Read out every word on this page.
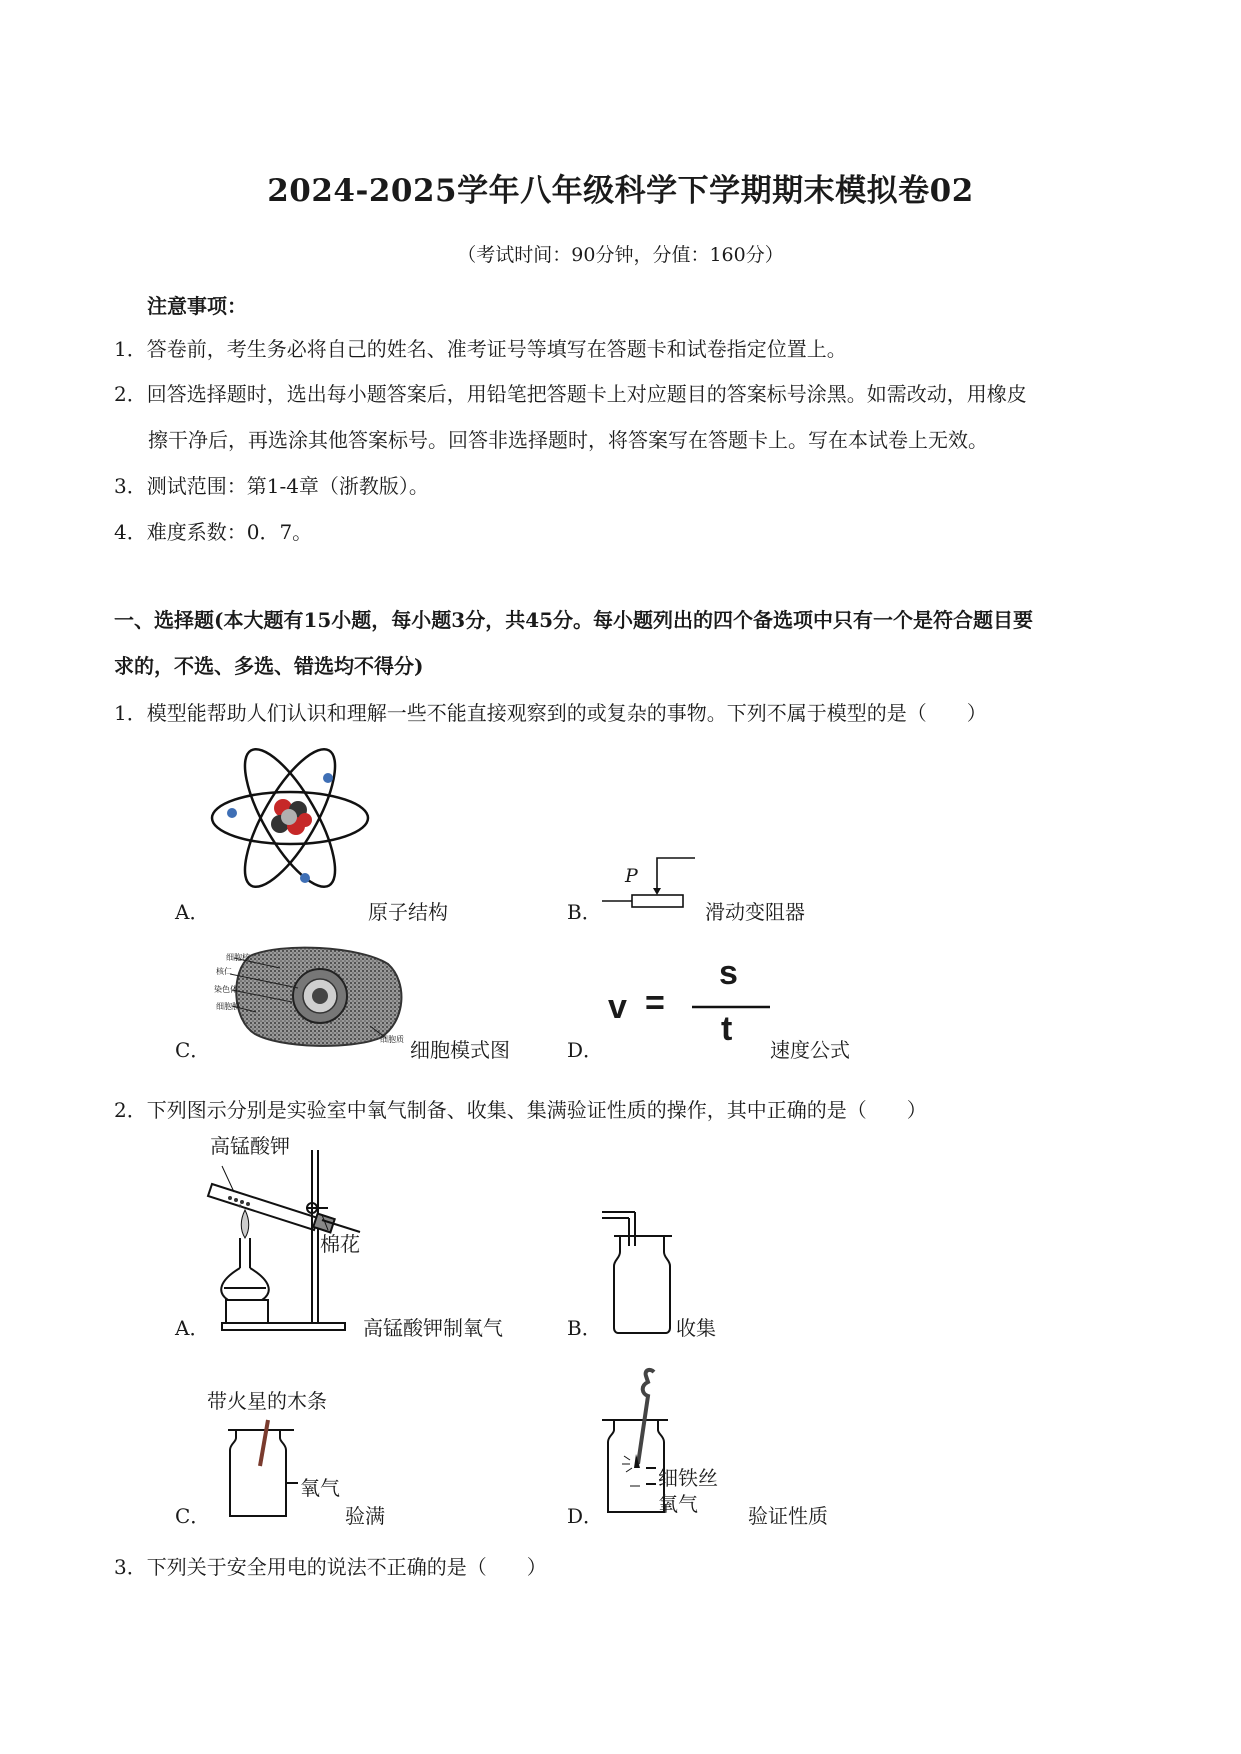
2024-2025学年八年级科学下学期期末模拟卷02
（考试时间：90分钟，分值：160分）
注意事项：
1．答卷前，考生务必将自己的姓名、准考证号等填写在答题卡和试卷指定位置上。
2．回答选择题时，选出每小题答案后，用铅笔把答题卡上对应题目的答案标号涂黑。如需改动，用橡皮
擦干净后，再选涂其他答案标号。回答非选择题时，将答案写在答题卡上。写在本试卷上无效。
3．测试范围：第1-4章（浙教版）。
4．难度系数：0．7。
一、选择题(本大题有15小题，每小题3分，共45分。每小题列出的四个备选项中只有一个是符合题目要
求的，不选、多选、错选均不得分)
1．模型能帮助人们认识和理解一些不能直接观察到的或复杂的事物。下列不属于模型的是（　　）
A．	原子结构
P
B．	滑动变阻器
细胞核
核仁
染色体
细胞膜
细胞质
C．	细胞模式图
v =
s
t
D．	速度公式
2．下列图示分别是实验室中氧气制备、收集、集满验证性质的操作，其中正确的是（　　）
高锰酸钾
棉花
A．	高锰酸钾制氧气	B．	收集
带火星的木条
氧气
C．	验满
细铁丝
氧气
D．	验证性质
3．下列关于安全用电的说法不正确的是（　　）
